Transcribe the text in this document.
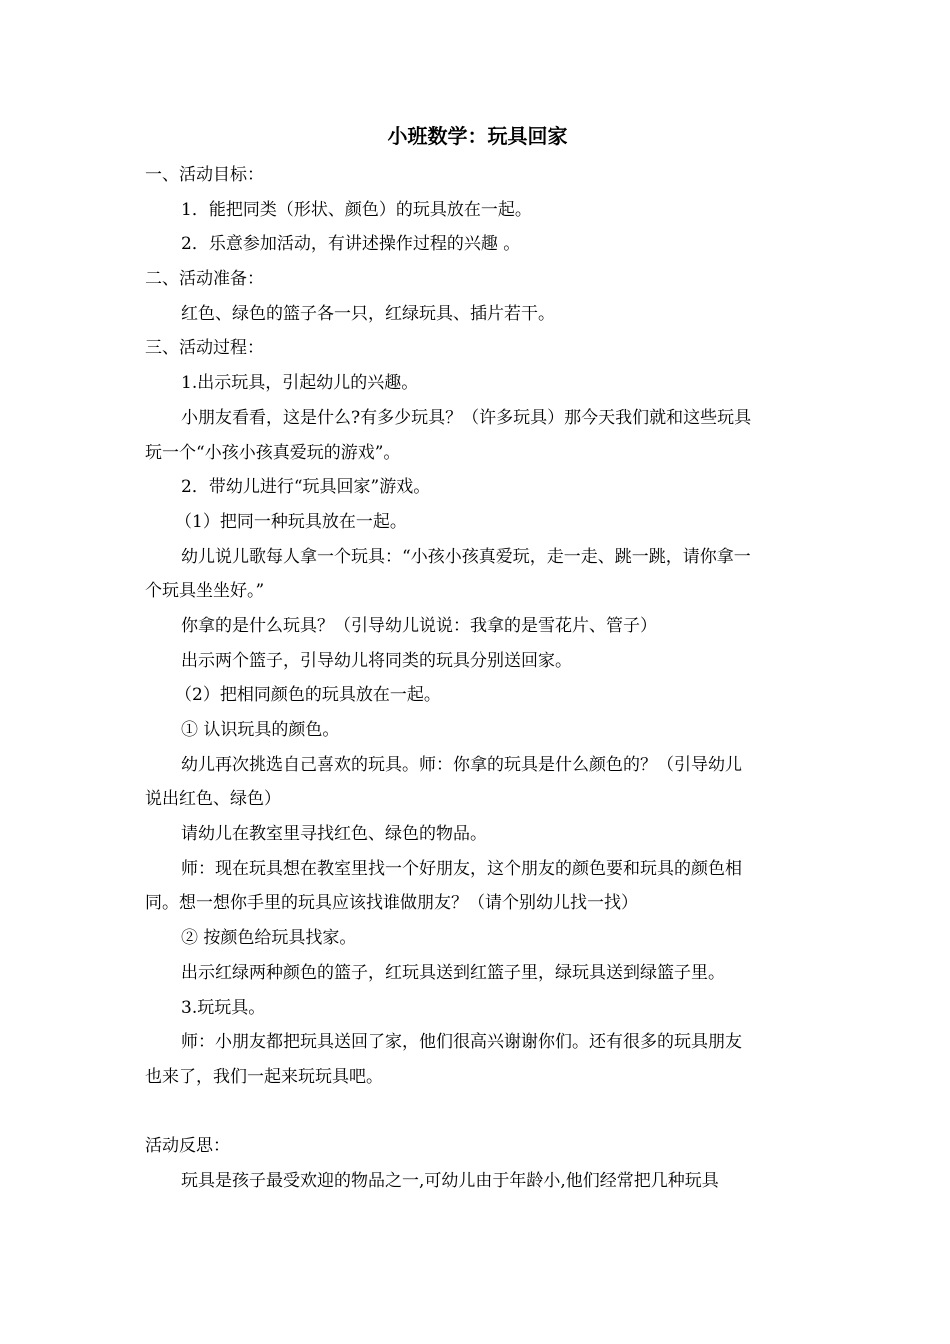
小班数学：玩具回家
一、活动目标：
1．能把同类（形状、颜色）的玩具放在一起。
2．乐意参加活动，有讲述操作过程的兴趣 。
二、活动准备：
红色、绿色的篮子各一只，红绿玩具、插片若干。
三、活动过程：
1.出示玩具，引起幼儿的兴趣。
小朋友看看，这是什么?有多少玩具？（许多玩具）那今天我们就和这些玩具
玩一个“小孩小孩真爱玩的游戏”。
2．带幼儿进行“玩具回家”游戏。
（1）把同一种玩具放在一起。
幼儿说儿歌每人拿一个玩具：“小孩小孩真爱玩，走一走、跳一跳，请你拿一
个玩具坐坐好。”
你拿的是什么玩具？（引导幼儿说说：我拿的是雪花片、管子）
出示两个篮子，引导幼儿将同类的玩具分别送回家。
（2）把相同颜色的玩具放在一起。
① 认识玩具的颜色。
幼儿再次挑选自己喜欢的玩具。师：你拿的玩具是什么颜色的？（引导幼儿
说出红色、绿色）
请幼儿在教室里寻找红色、绿色的物品。
师：现在玩具想在教室里找一个好朋友，这个朋友的颜色要和玩具的颜色相
同。想一想你手里的玩具应该找谁做朋友？（请个别幼儿找一找）
② 按颜色给玩具找家。
出示红绿两种颜色的篮子，红玩具送到红篮子里，绿玩具送到绿篮子里。
3.玩玩具。
师：小朋友都把玩具送回了家，他们很高兴谢谢你们。还有很多的玩具朋友
也来了，我们一起来玩玩具吧。
活动反思：
玩具是孩子最受欢迎的物品之一,可幼儿由于年龄小,他们经常把几种玩具
